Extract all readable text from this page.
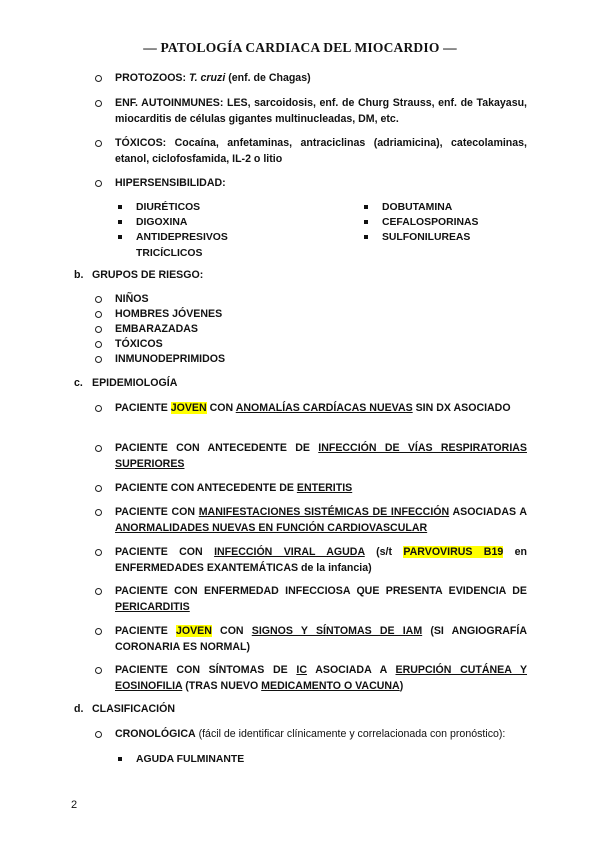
— PATOLOGÍA CARDIACA DEL MIOCARDIO —
PROTOZOOS: T. cruzi (enf. de Chagas)
ENF. AUTOINMUNES: LES, sarcoidosis, enf. de Churg Strauss, enf. de Takayasu, miocarditis de células gigantes multinucleadas, DM, etc.
TÓXICOS: Cocaína, anfetaminas, antraciclinas (adriamicina), catecolaminas, etanol, ciclofosfamida, IL-2 o litio
HIPERSENSIBILIDAD:
DIURÉTICOS
DIGOXINA
ANTIDEPRESIVOS TRICÍCLICOS
DOBUTAMINA
CEFALOSPORINAS
SULFONILUREAS
b. GRUPOS DE RIESGO:
NIÑOS
HOMBRES JÓVENES
EMBARAZADAS
TÓXICOS
INMUNODEPRIMIDOS
c. EPIDEMIOLOGÍA
PACIENTE JOVEN CON ANOMALÍAS CARDÍACAS NUEVAS SIN DX ASOCIADO
PACIENTE CON ANTECEDENTE DE INFECCIÓN DE VÍAS RESPIRATORIAS SUPERIORES
PACIENTE CON ANTECEDENTE DE ENTERITIS
PACIENTE CON MANIFESTACIONES SISTÉMICAS DE INFECCIÓN ASOCIADAS A ANORMALIDADES NUEVAS EN FUNCIÓN CARDIOVASCULAR
PACIENTE CON INFECCIÓN VIRAL AGUDA (s/t PARVOVIRUS B19 en ENFERMEDADES EXANTEMÁTICAS de la infancia)
PACIENTE CON ENFERMEDAD INFECCIOSA QUE PRESENTA EVIDENCIA DE PERICARDITIS
PACIENTE JOVEN CON SIGNOS Y SÍNTOMAS DE IAM (SI ANGIOGRAFÍA CORONARIA ES NORMAL)
PACIENTE CON SÍNTOMAS DE IC ASOCIADA A ERUPCIÓN CUTÁNEA Y EOSINOFILIA (TRAS NUEVO MEDICAMENTO O VACUNA)
d. CLASIFICACIÓN
CRONOLÓGICA (fácil de identificar clínicamente y correlacionada con pronóstico):
AGUDA FULMINANTE
2
